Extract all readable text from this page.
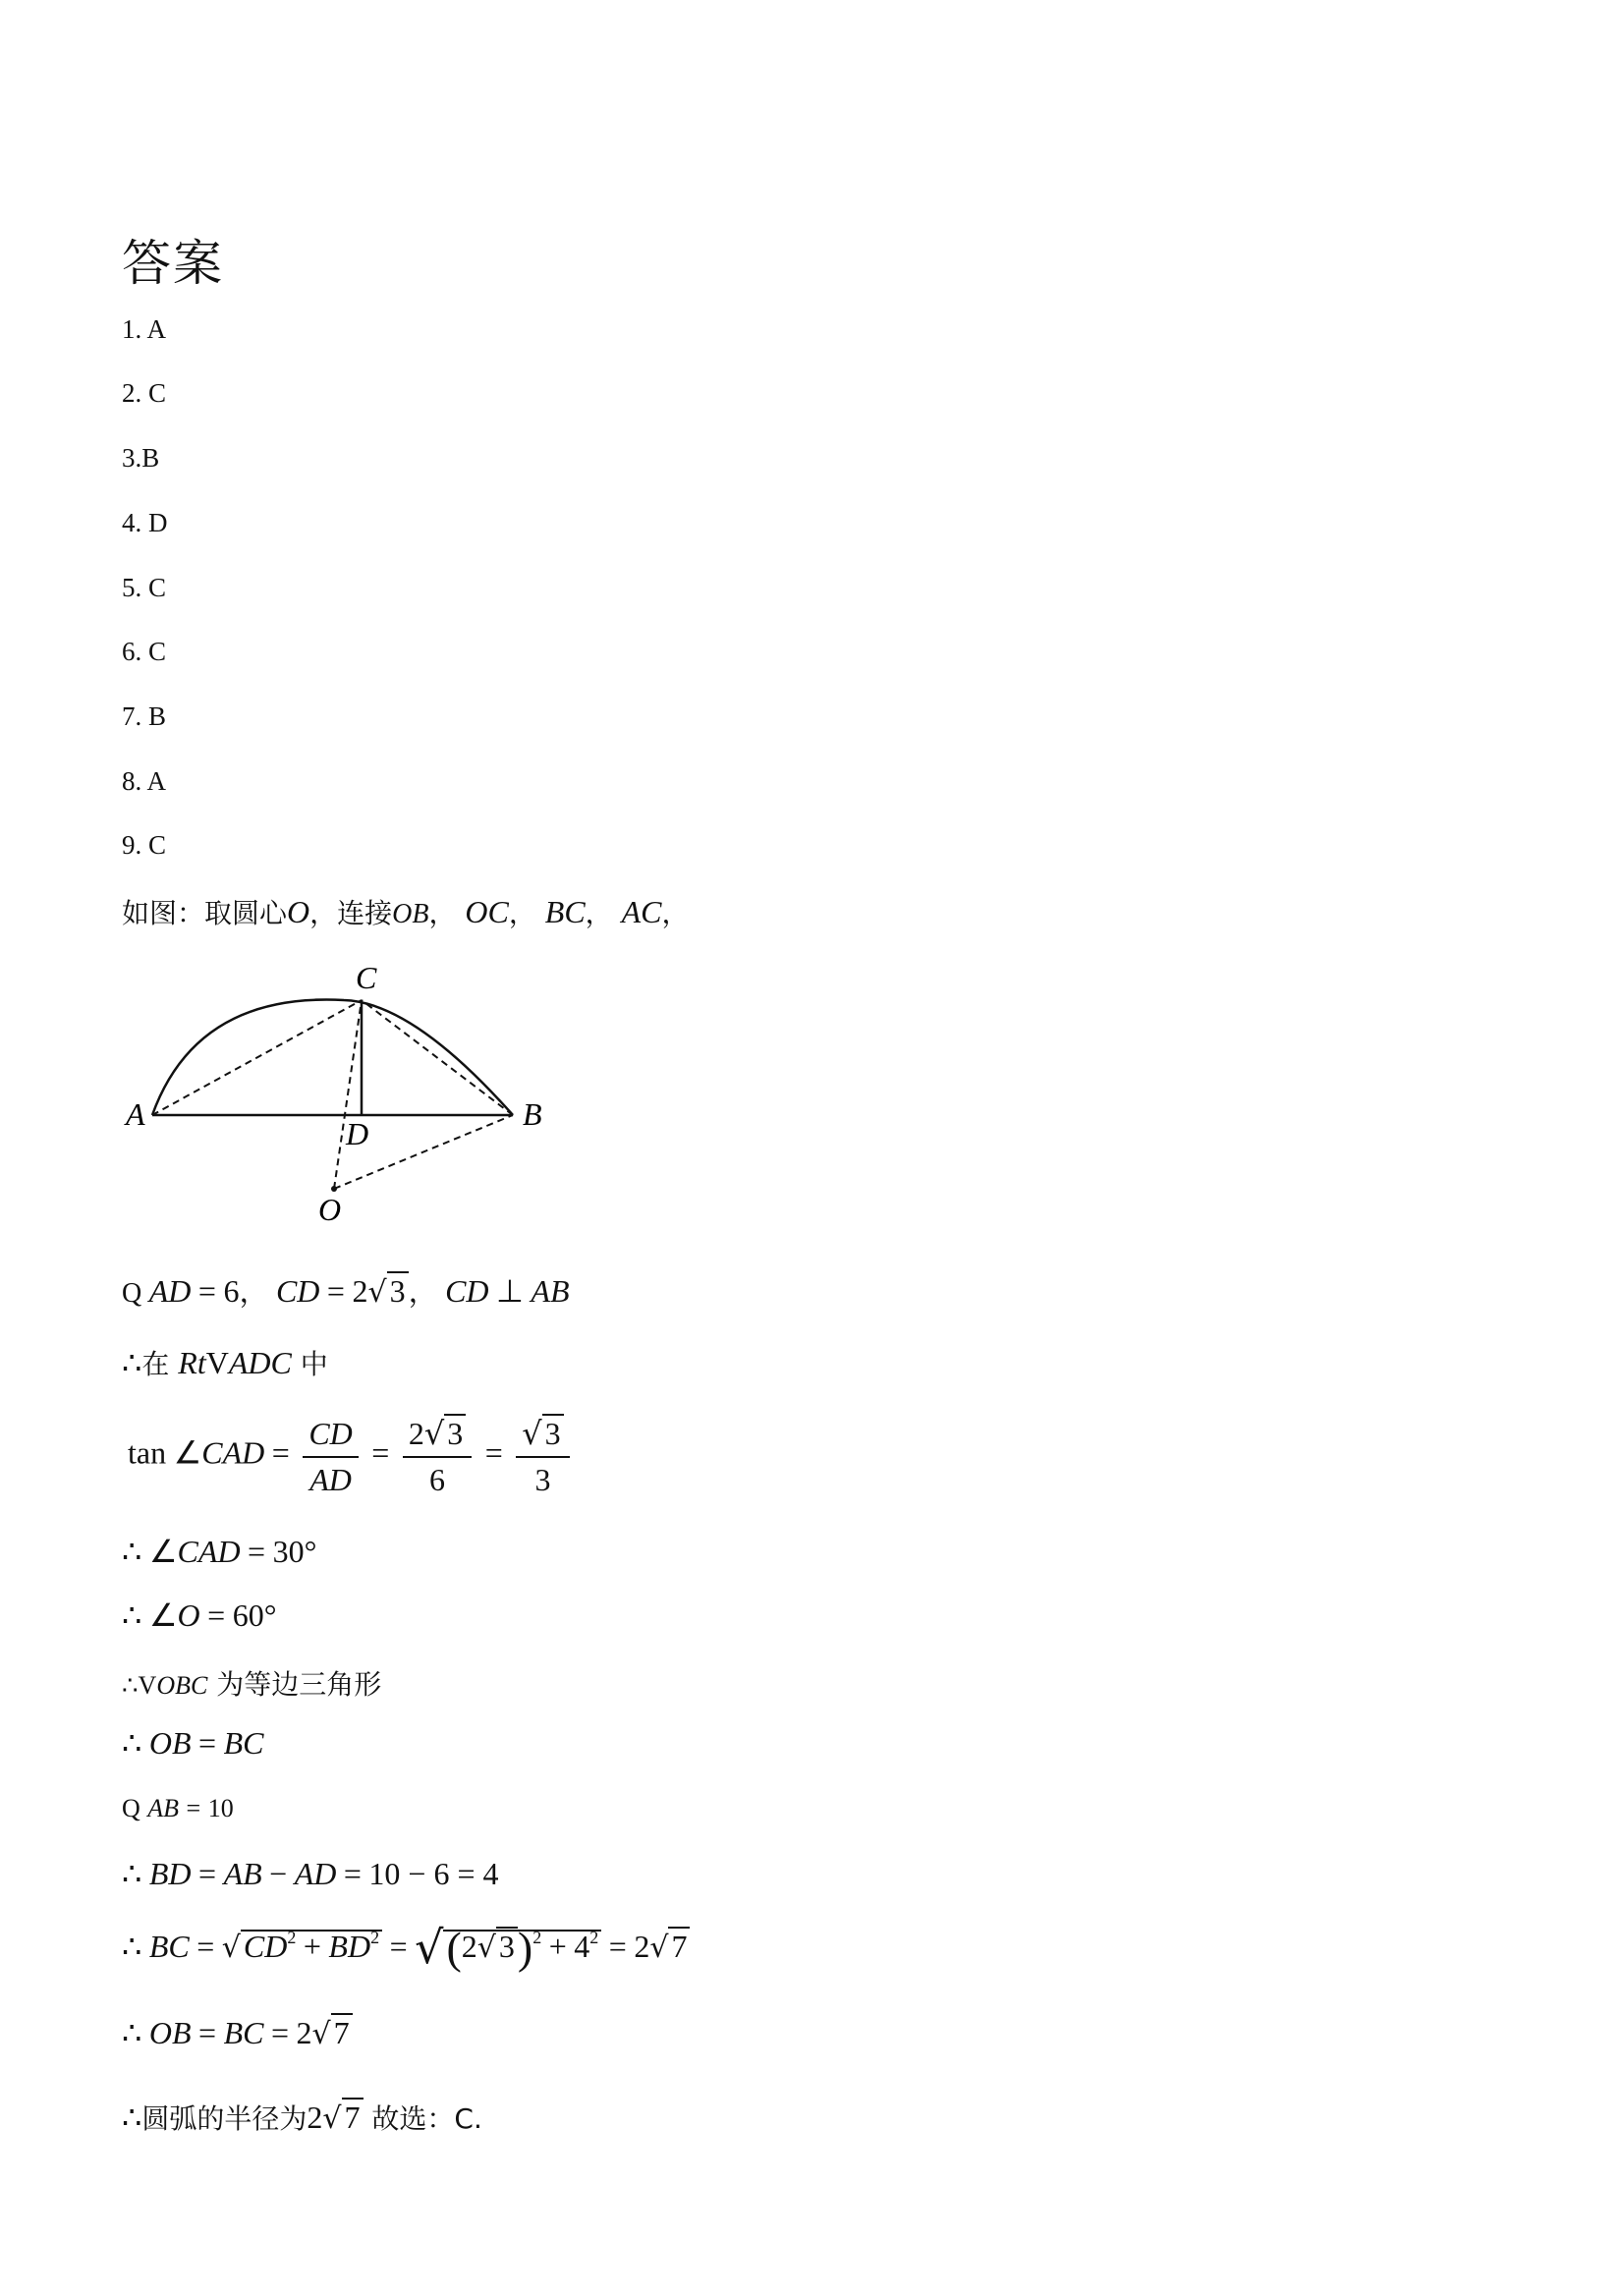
答案
1. A
2. C
3.B
4. D
5. C
6. C
7. B
8. A
9. C
如图：取圆心O，连接OB， OC， BC， AC，
C
A	B
D
O
Q AD = 6， CD = 2√3 ， CD ⊥ AB
∴在 RtVADC 中
tan ∠CAD = $\frac{CD}{AD} = \frac{2√3}{6} = \frac{√3}{3}$
∴ ∠CAD = 30°
∴ ∠O = 60°
∴VOBC 为等边三角形
∴ OB = BC
Q AB = 10
∴ BD = AB − AD = 10 − 6 = 4
∴ BC = $√CD^2 + BD^2 = √(2√3)^2 + 4^2 = 2√7$
∴ OB = BC = 2√7
∴圆弧的半径为2√7 故选：C.
